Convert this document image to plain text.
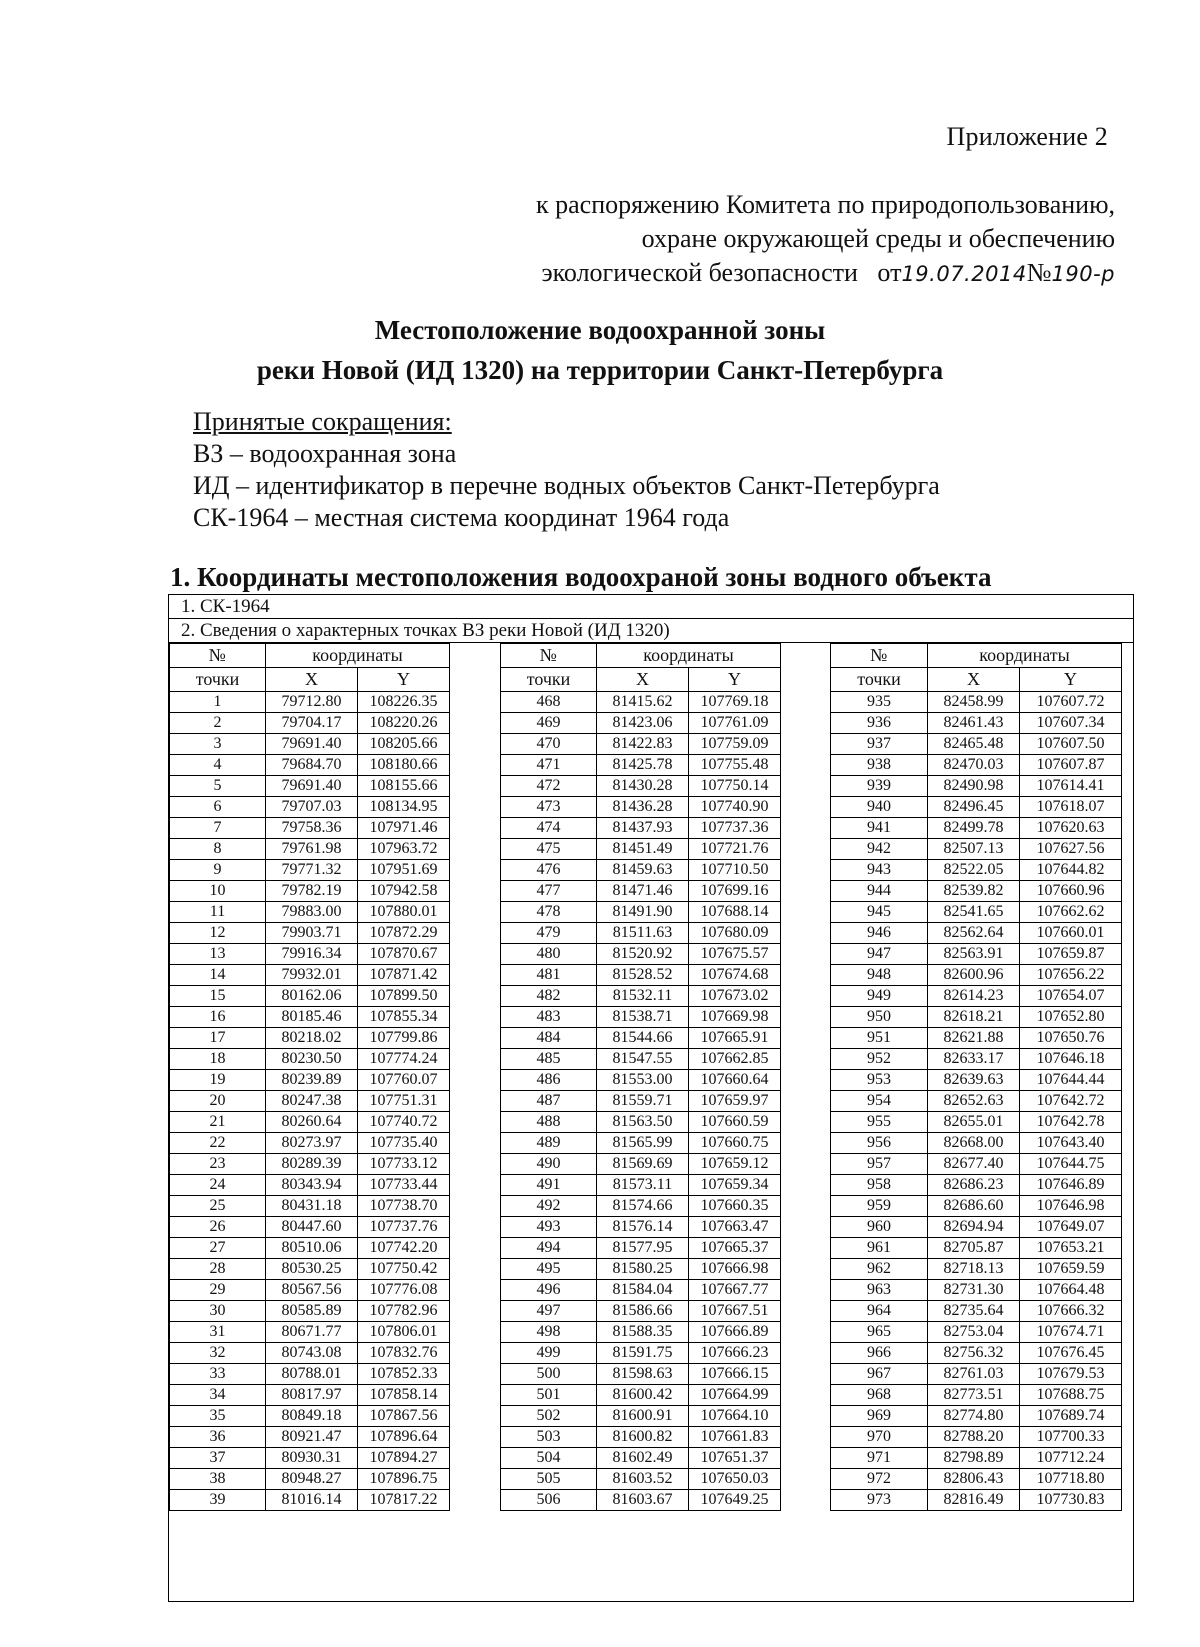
Приложение 2
к распоряжению Комитета по природопользованию,
охране окружающей среды и обеспечению
экологической безопасности от19.07.2014№190-р
Местоположение водоохранной зоны
реки Новой (ИД 1320) на территории Санкт-Петербурга
Принятые сокращения:
ВЗ – водоохранная зона
ИД – идентификатор в перечне водных объектов Санкт-Петербурга
СК-1964 – местная система координат 1964 года
1. Координаты местоположения водоохраной зоны водного объекта
1. СК-1964
2. Сведения о характерных точках ВЗ реки Новой (ИД 1320)
№	координаты	
точки	X	Y
1	79712.80	108226.35
2	79704.17	108220.26
3	79691.40	108205.66
4	79684.70	108180.66
5	79691.40	108155.66
6	79707.03	108134.95
7	79758.36	107971.46
8	79761.98	107963.72
9	79771.32	107951.69
10	79782.19	107942.58
11	79883.00	107880.01
12	79903.71	107872.29
13	79916.34	107870.67
14	79932.01	107871.42
15	80162.06	107899.50
16	80185.46	107855.34
17	80218.02	107799.86
18	80230.50	107774.24
19	80239.89	107760.07
20	80247.38	107751.31
21	80260.64	107740.72
22	80273.97	107735.40
23	80289.39	107733.12
24	80343.94	107733.44
25	80431.18	107738.70
26	80447.60	107737.76
27	80510.06	107742.20
28	80530.25	107750.42
29	80567.56	107776.08
30	80585.89	107782.96
31	80671.77	107806.01
32	80743.08	107832.76
33	80788.01	107852.33
34	80817.97	107858.14
35	80849.18	107867.56
36	80921.47	107896.64
37	80930.31	107894.27
38	80948.27	107896.75
39	81016.14	107817.22
№	координаты	
точки	X	Y
468	81415.62	107769.18
469	81423.06	107761.09
470	81422.83	107759.09
471	81425.78	107755.48
472	81430.28	107750.14
473	81436.28	107740.90
474	81437.93	107737.36
475	81451.49	107721.76
476	81459.63	107710.50
477	81471.46	107699.16
478	81491.90	107688.14
479	81511.63	107680.09
480	81520.92	107675.57
481	81528.52	107674.68
482	81532.11	107673.02
483	81538.71	107669.98
484	81544.66	107665.91
485	81547.55	107662.85
486	81553.00	107660.64
487	81559.71	107659.97
488	81563.50	107660.59
489	81565.99	107660.75
490	81569.69	107659.12
491	81573.11	107659.34
492	81574.66	107660.35
493	81576.14	107663.47
494	81577.95	107665.37
495	81580.25	107666.98
496	81584.04	107667.77
497	81586.66	107667.51
498	81588.35	107666.89
499	81591.75	107666.23
500	81598.63	107666.15
501	81600.42	107664.99
502	81600.91	107664.10
503	81600.82	107661.83
504	81602.49	107651.37
505	81603.52	107650.03
506	81603.67	107649.25
№	координаты	
точки	X	Y
935	82458.99	107607.72
936	82461.43	107607.34
937	82465.48	107607.50
938	82470.03	107607.87
939	82490.98	107614.41
940	82496.45	107618.07
941	82499.78	107620.63
942	82507.13	107627.56
943	82522.05	107644.82
944	82539.82	107660.96
945	82541.65	107662.62
946	82562.64	107660.01
947	82563.91	107659.87
948	82600.96	107656.22
949	82614.23	107654.07
950	82618.21	107652.80
951	82621.88	107650.76
952	82633.17	107646.18
953	82639.63	107644.44
954	82652.63	107642.72
955	82655.01	107642.78
956	82668.00	107643.40
957	82677.40	107644.75
958	82686.23	107646.89
959	82686.60	107646.98
960	82694.94	107649.07
961	82705.87	107653.21
962	82718.13	107659.59
963	82731.30	107664.48
964	82735.64	107666.32
965	82753.04	107674.71
966	82756.32	107676.45
967	82761.03	107679.53
968	82773.51	107688.75
969	82774.80	107689.74
970	82788.20	107700.33
971	82798.89	107712.24
972	82806.43	107718.80
973	82816.49	107730.83
